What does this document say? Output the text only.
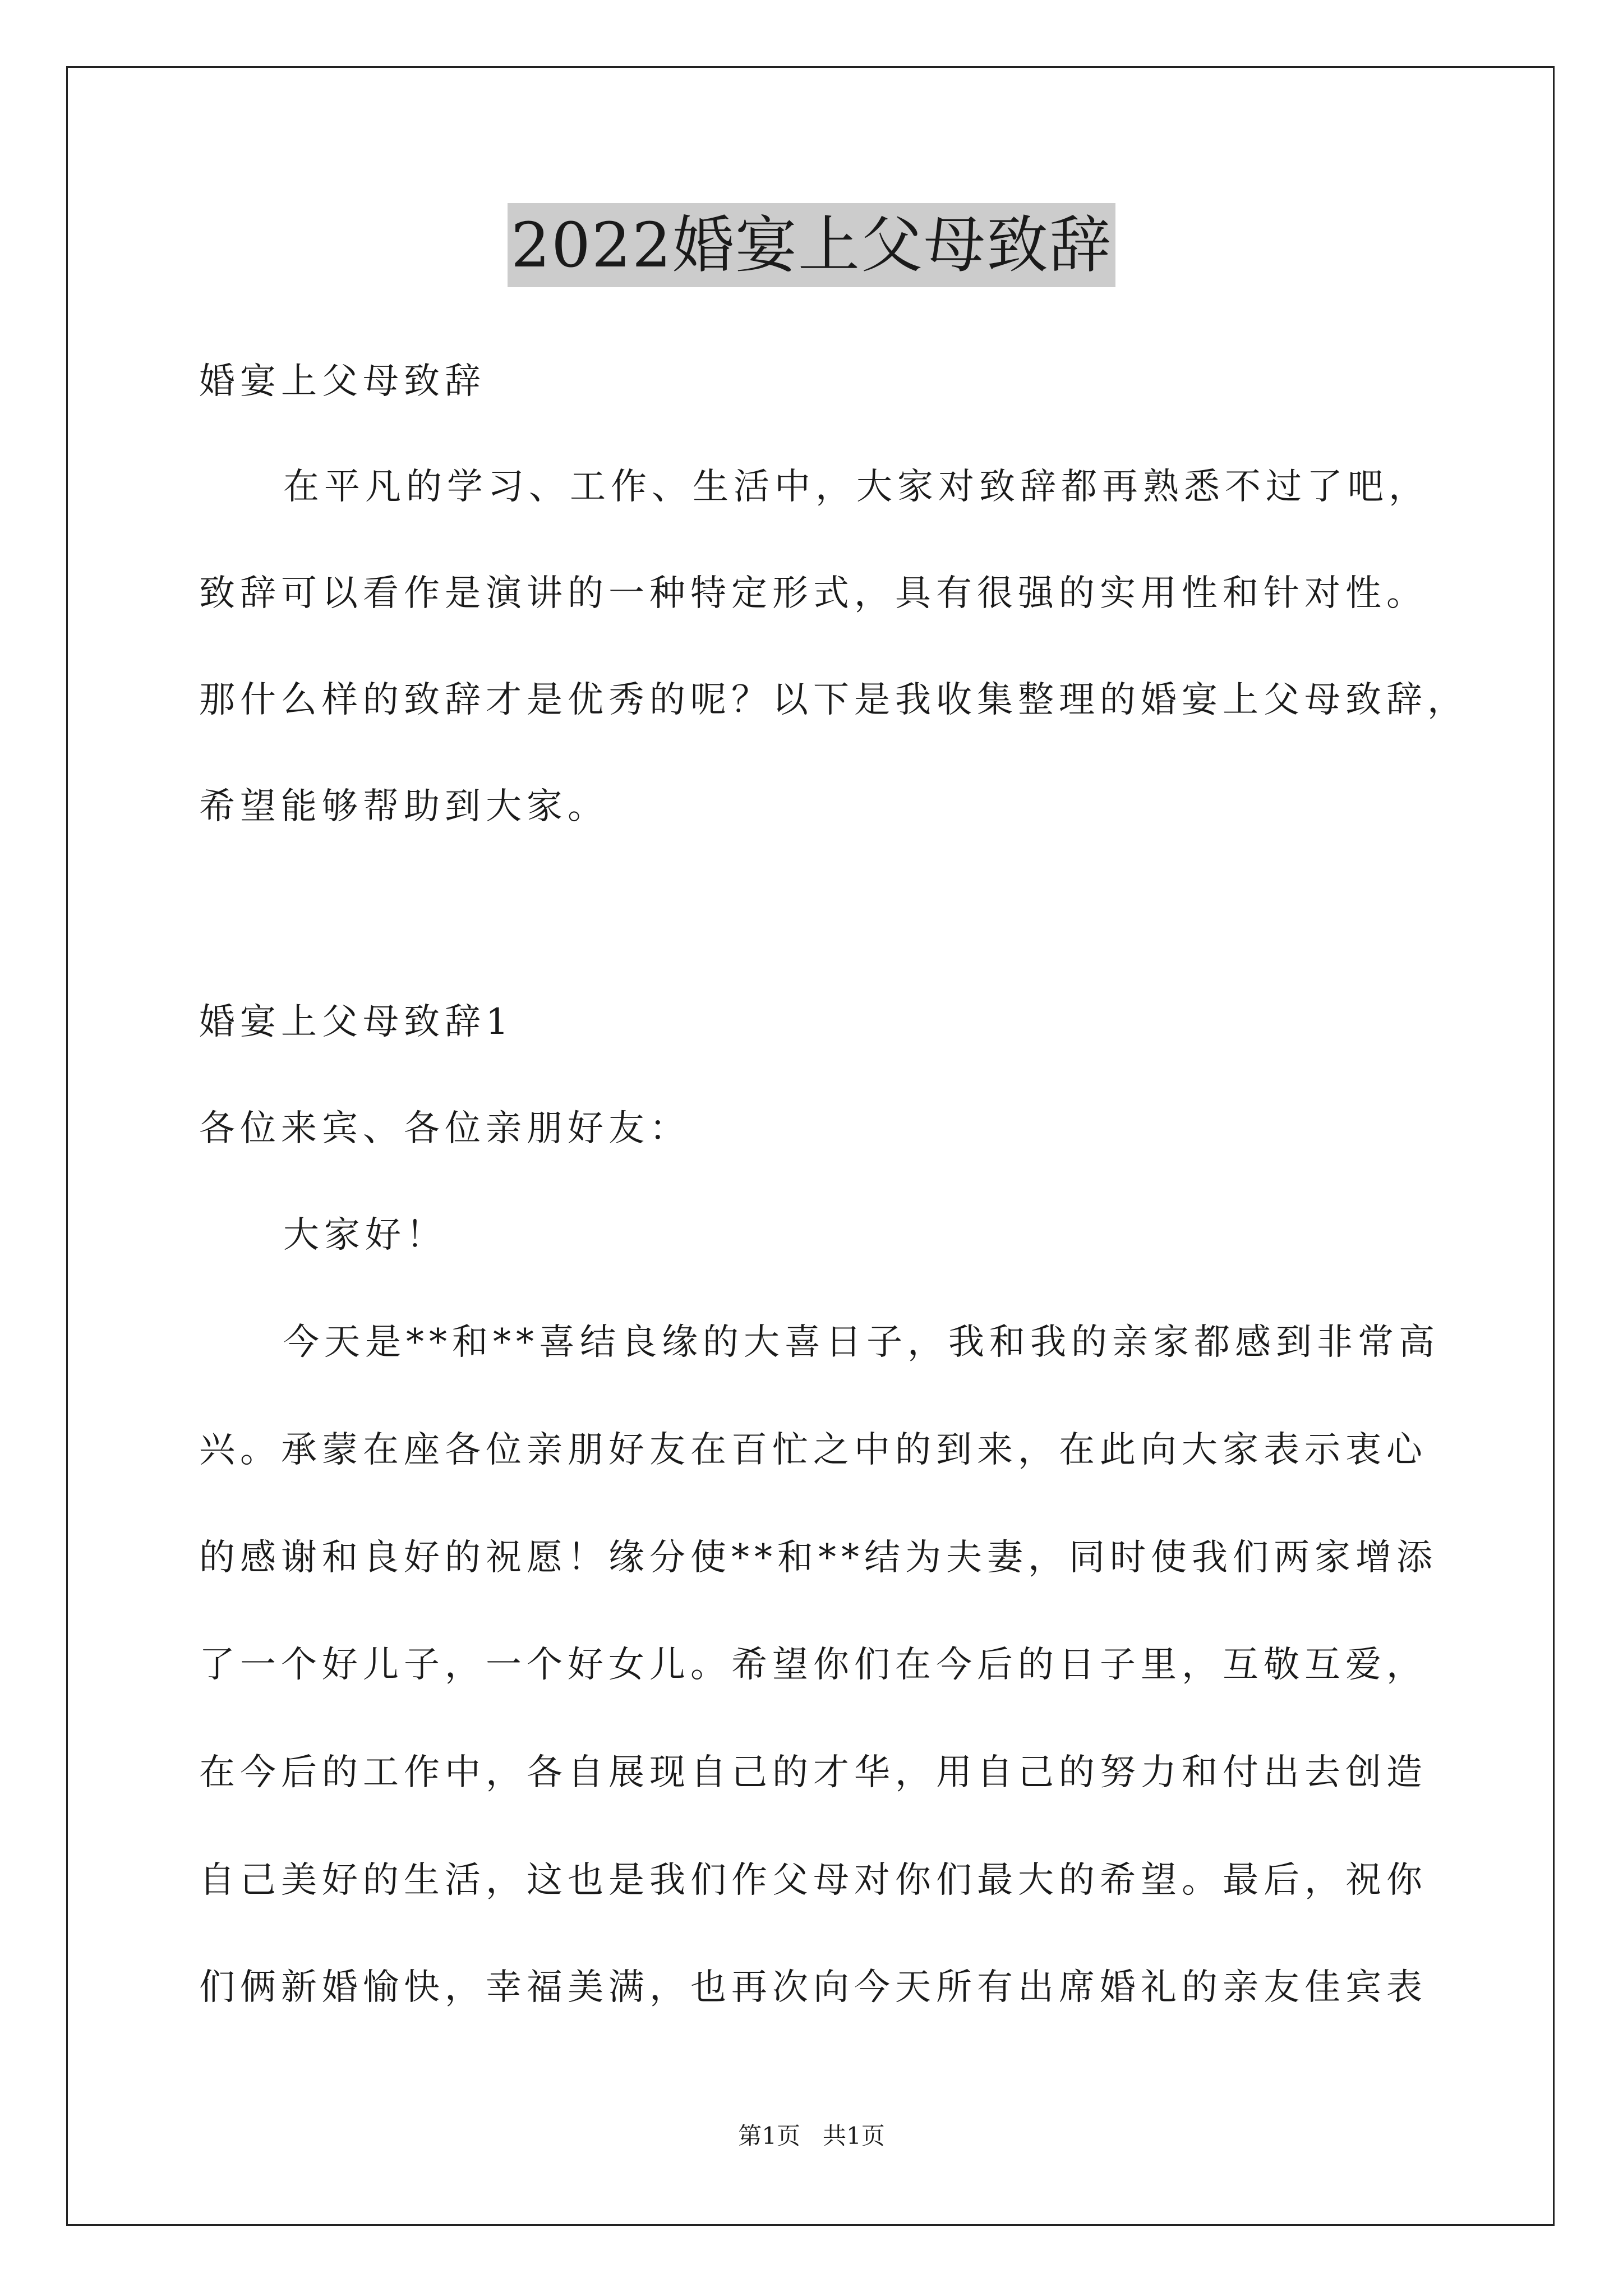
2022婚宴上父母致辞
婚宴上父母致辞
在平凡的学习、工作、生活中，大家对致辞都再熟悉不过了吧，
致辞可以看作是演讲的一种特定形式，具有很强的实用性和针对性。
那什么样的致辞才是优秀的呢？以下是我收集整理的婚宴上父母致辞，
希望能够帮助到大家。
婚宴上父母致辞1
各位来宾、各位亲朋好友：
大家好！
今天是**和**喜结良缘的大喜日子，我和我的亲家都感到非常高
兴。承蒙在座各位亲朋好友在百忙之中的到来，在此向大家表示衷心
的感谢和良好的祝愿！缘分使**和**结为夫妻，同时使我们两家增添
了一个好儿子，一个好女儿。希望你们在今后的日子里，互敬互爱，
在今后的工作中，各自展现自己的才华，用自己的努力和付出去创造
自己美好的生活，这也是我们作父母对你们最大的希望。最后，祝你
们俩新婚愉快，幸福美满，也再次向今天所有出席婚礼的亲友佳宾表
第1页   共1页
